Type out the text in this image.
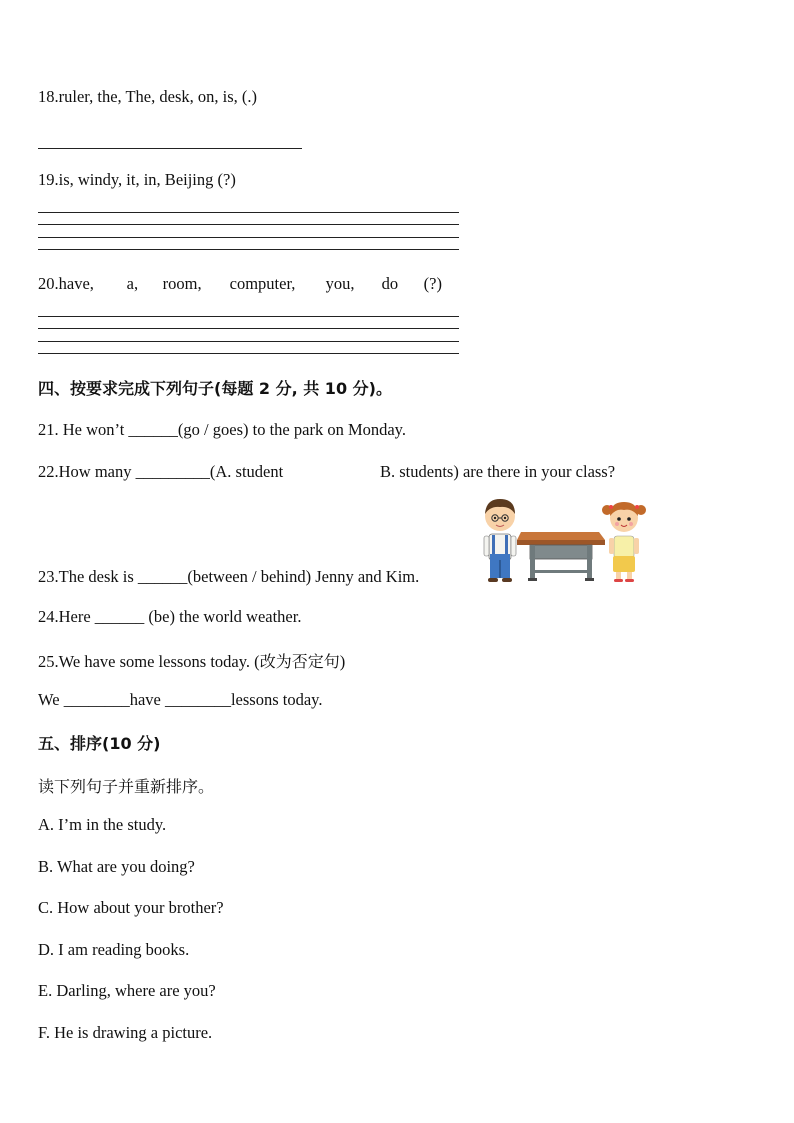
18.ruler, the, The, desk, on, is, (.)
19.is, windy, it, in, Beijing (?)
20.have, a, room, computer, you, do (?)
四、按要求完成下列句子(每题 2 分, 共 10 分)。
21. He won’t ______(go / goes) to the park on Monday.
22.How many _________(A. student	B. students) are there in your class?
23.The desk is ______(between / behind) Jenny and Kim.
24.Here ______ (be) the world weather.
25.We have some lessons today. (改为否定句)
We ________have ________lessons today.
五、排序(10 分)
读下列句子并重新排序。
A. I’m in the study.
B. What are you doing?
C. How about your brother?
D. I am reading books.
E. Darling, where are you?
F. He is drawing a picture.
